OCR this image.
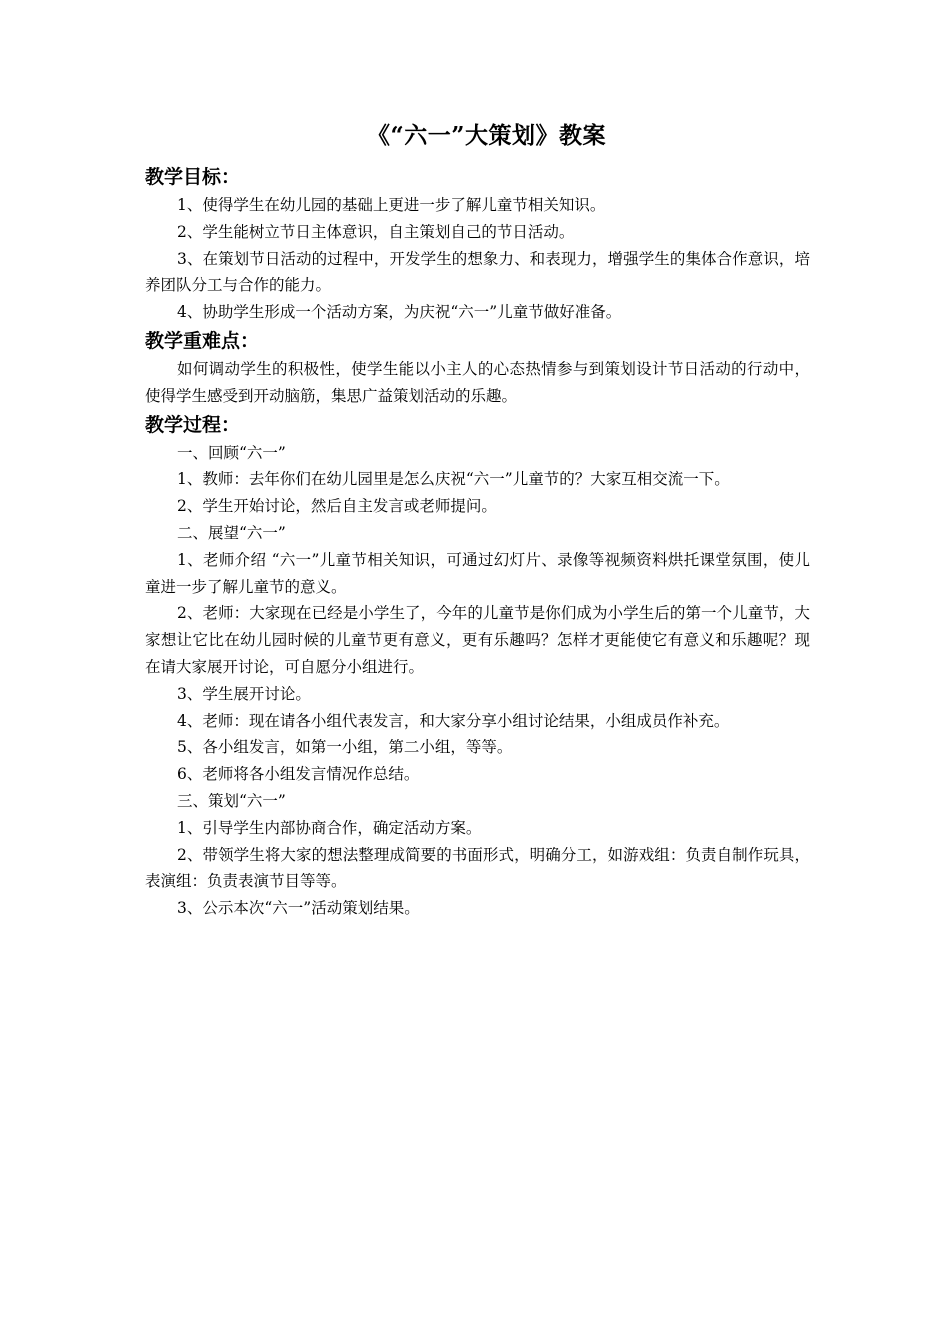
《“六一”大策划》教案
教学目标：

1、使得学生在幼儿园的基础上更进一步了解儿童节相关知识。

2、学生能树立节日主体意识，自主策划自己的节日活动。

3、在策划节日活动的过程中，开发学生的想象力、和表现力，增强学生的集体合作意识，培养团队分工与合作的能力。

4、协助学生形成一个活动方案，为庆祝“六一”儿童节做好准备。

教学重难点：

如何调动学生的积极性，使学生能以小主人的心态热情参与到策划设计节日活动的行动中，使得学生感受到开动脑筋，集思广益策划活动的乐趣。

教学过程：

一、回顾“六一”

1、教师：去年你们在幼儿园里是怎么庆祝“六一”儿童节的？大家互相交流一下。

2、学生开始讨论，然后自主发言或老师提问。

二、展望“六一”

1、老师介绍 “六一”儿童节相关知识，可通过幻灯片、录像等视频资料烘托课堂氛围，使儿童进一步了解儿童节的意义。

2、老师：大家现在已经是小学生了，今年的儿童节是你们成为小学生后的第一个儿童节，大家想让它比在幼儿园时候的儿童节更有意义，更有乐趣吗？怎样才更能使它有意义和乐趣呢？现在请大家展开讨论，可自愿分小组进行。

3、学生展开讨论。

4、老师：现在请各小组代表发言，和大家分享小组讨论结果，小组成员作补充。

5、各小组发言，如第一小组，第二小组，等等。

6、老师将各小组发言情况作总结。

三、策划“六一”

1、引导学生内部协商合作，确定活动方案。

2、带领学生将大家的想法整理成简要的书面形式，明确分工，如游戏组：负责自制作玩具，表演组：负责表演节目等等。

3、公示本次“六一”活动策划结果。
